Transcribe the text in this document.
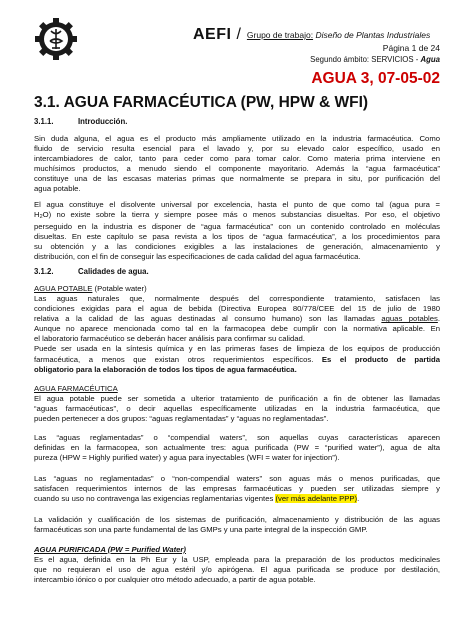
AEFI / Grupo de trabajo: Diseño de Plantas Industriales
Página 1 de 24
Segundo ámbito: SERVICIOS - Agua
AGUA 3, 07-05-02
3.1. AGUA FARMACÉUTICA (PW, HPW & WFI)
3.1.1.	Introducción.
Sin duda alguna, el agua es el producto más ampliamente utilizado en la industria farmacéutica. Como
fluido de servicio resulta esencial para el lavado y, por su elevado calor específico, usado en
intercambiadores de calor, tanto para ceder como para tomar calor. Como materia prima interviene en
muchísimos productos, a menudo siendo el componente mayoritario. Además la “agua farmacéutica”
constituye una de las escasas materias primas que normalmente se prepara in situ, por purificación del
agua potable.
El agua constituye el disolvente universal por excelencia, hasta el punto de que como tal (agua pura =
H2O) no existe sobre la tierra y siempre posee más o menos substancias disueltas. Por eso, el objetivo
perseguido en la industria es disponer de “agua farmacéutica” con un contenido controlado en moléculas
disueltas. En este capítulo se pasa revista a los tipos de “agua farmacéutica”, a los procedimientos para
su obtención y a las condiciones exigibles a las instalaciones de generación, almacenamiento y
distribución, con el fin de conseguir las especificaciones de cada calidad del agua farmacéutica.
3.1.2.	Calidades de agua.
AGUA POTABLE (Potable water)
Las aguas naturales que, normalmente después del correspondiente tratamiento, satisfacen las
condiciones exigidas para el agua de bebida (Directiva Europea 80/778/CEE del 15 de julio de 1980
relativa a la calidad de las aguas destinadas al consumo humano) son las llamadas aguas potables.
Aunque no aparece mencionada como tal en la farmacopea debe cumplir con la normativa aplicable. En
el laboratorio farmacéutico se deberán hacer análisis para confirmar su calidad.
Puede ser usada en la síntesis química y en las primeras fases de limpieza de los equipos de producción
farmacéutica, a menos que existan otros requerimientos específicos. Es el producto de partida
obligatorio para la elaboración de todos los tipos de agua farmacéutica.
AGUA FARMACÉUTICA
El agua potable puede ser sometida a ulterior tratamiento de purificación a fin de obtener las llamadas
“aguas farmacéuticas”, o decir aquellas específicamente utilizadas en la industria farmacéutica, que
pueden pertenecer a dos grupos: “aguas reglamentadas” y “aguas no reglamentadas”.
Las “aguas reglamentadas” o “compendial waters”, son aquellas cuyas características aparecen
definidas en la farmacopea, son actualmente tres: agua purificada (PW = “purified water”), agua de alta
pureza (HPW = Highly purified water) y agua para inyectables (WFI = water for injection”).
Las “aguas no reglamentadas” o “non-compendial waters” son aguas más o menos purificadas, que
satisfacen requerimientos internos de las empresas farmacéuticas y pueden ser utilizadas siempre y
cuando su uso no contravenga las exigencias reglamentarias vigentes (ver más adelante PPP).
La validación y cualificación de los sistemas de purificación, almacenamiento y distribución de las aguas
farmacéuticas son una parte fundamental de las GMPs y una parte integral de la inspección GMP.
AGUA PURIFICADA (PW = Purified Water)
Es el agua, definida en la Ph Eur y la USP, empleada para la preparación de los productos medicinales
que no requieran el uso de agua estéril y/o apirógena. El agua purificada se produce por destilación,
intercambio iónico o por cualquier otro método adecuado, a partir de agua potable.
